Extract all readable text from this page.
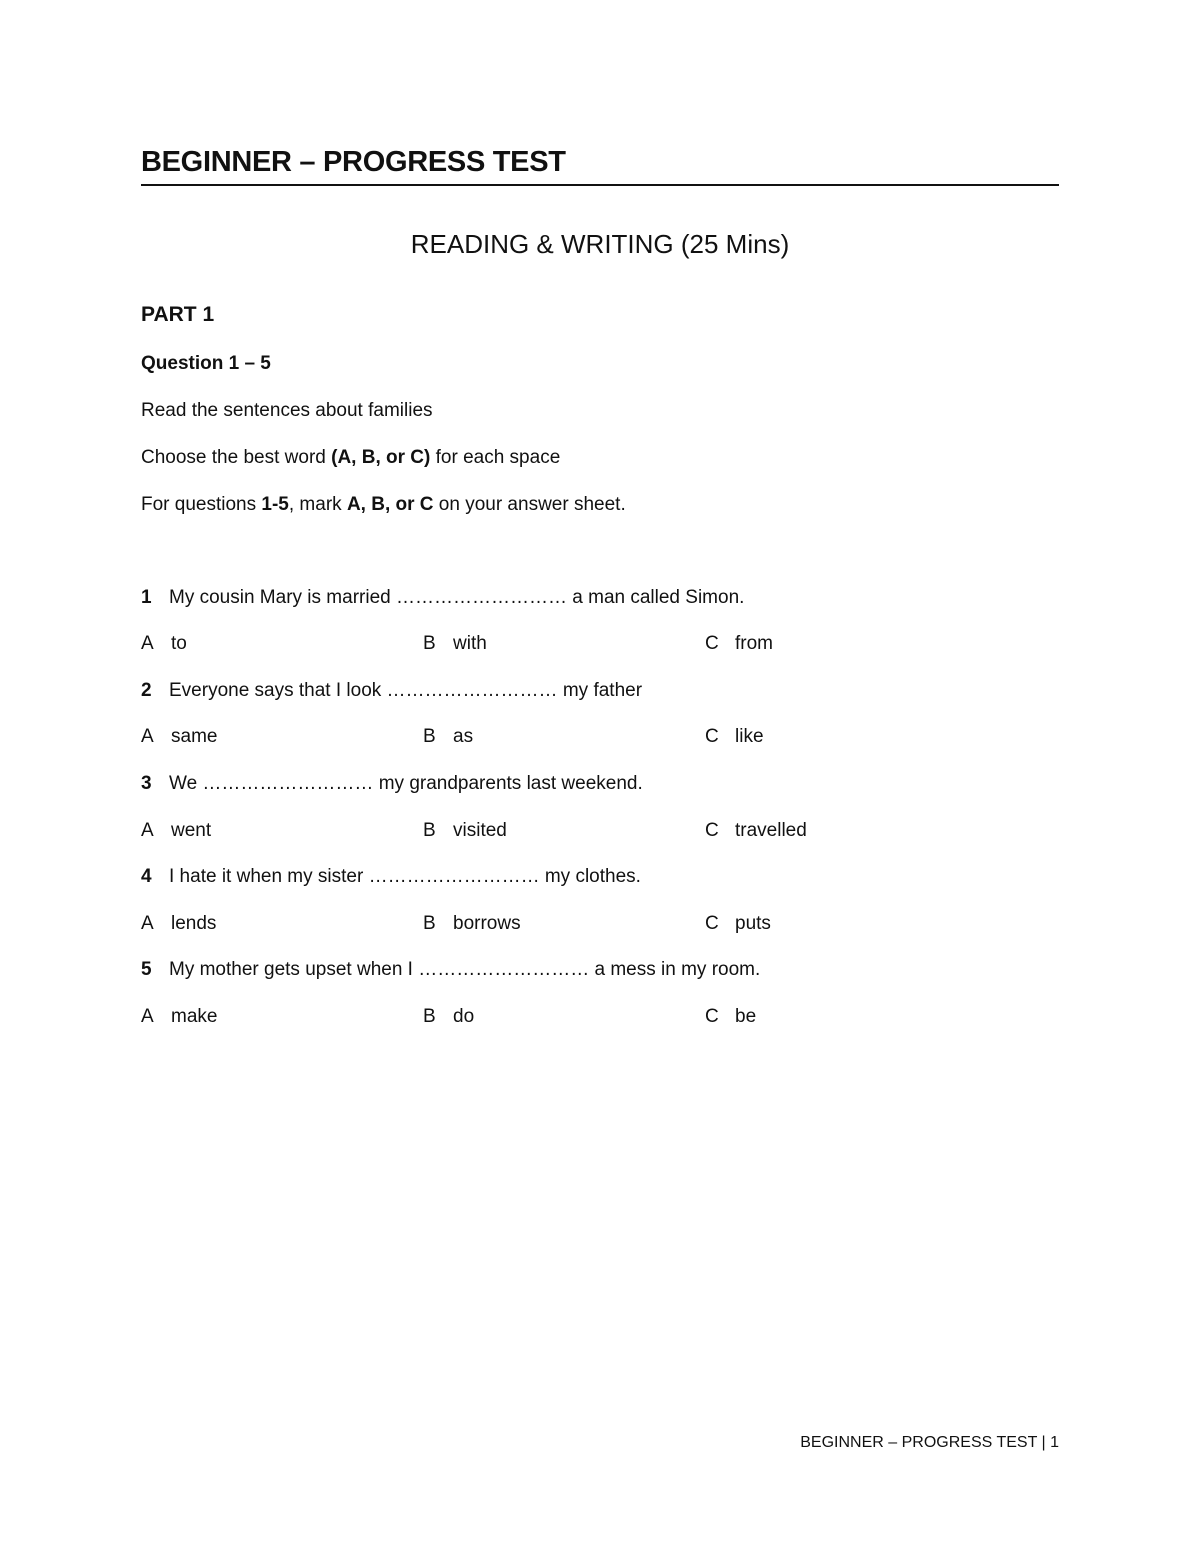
BEGINNER – PROGRESS TEST
READING & WRITING (25 Mins)
PART 1
Question 1 – 5
Read the sentences about families
Choose the best word (A, B, or C) for each space
For questions 1-5, mark A, B, or C on your answer sheet.
1 My cousin Mary is married ……………………… a man called Simon.
A to	B with	C from
2 Everyone says that I look ……………………… my father
A same	B as	C like
3 We ……………………… my grandparents last weekend.
A went	B visited	C travelled
4 I hate it when my sister ……………………… my clothes.
A lends	B borrows	C puts
5 My mother gets upset when I ……………………… a mess in my room.
A make	B do	C be
BEGINNER – PROGRESS TEST | 1
